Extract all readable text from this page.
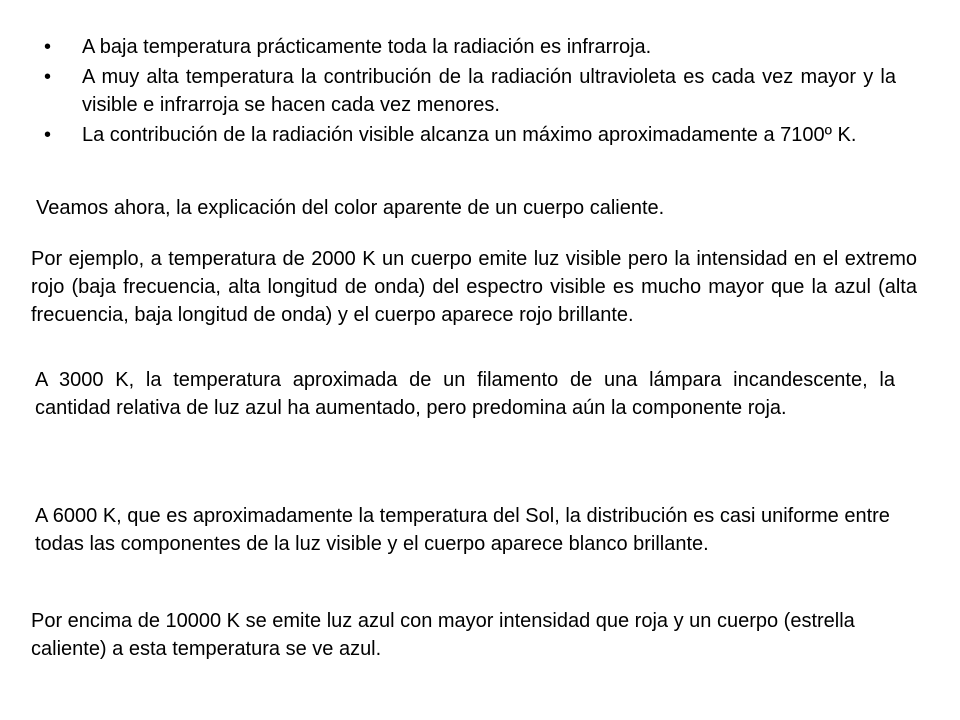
• A baja temperatura prácticamente toda la radiación es infrarroja.
• A muy alta temperatura la contribución de la radiación ultravioleta es cada vez mayor y la visible e infrarroja se hacen cada vez menores.
• La contribución de la radiación visible alcanza un máximo aproximadamente a 7100º K.

Veamos ahora, la explicación del color aparente de un cuerpo caliente.

Por ejemplo, a temperatura de 2000 K un cuerpo emite luz visible pero la intensidad en el extremo rojo (baja frecuencia, alta longitud de onda) del espectro visible es mucho mayor que la azul (alta frecuencia, baja longitud de onda) y el cuerpo aparece rojo brillante.

A 3000 K, la temperatura aproximada de un filamento de una lámpara incandescente, la cantidad relativa de luz azul ha aumentado, pero predomina aún la componente roja.

A 6000 K, que es aproximadamente la temperatura del Sol, la distribución es casi uniforme entre todas las componentes de la luz visible y el cuerpo aparece blanco brillante.

Por encima de 10000 K se emite luz azul con mayor intensidad que roja y un cuerpo (estrella caliente) a esta temperatura se ve azul.
